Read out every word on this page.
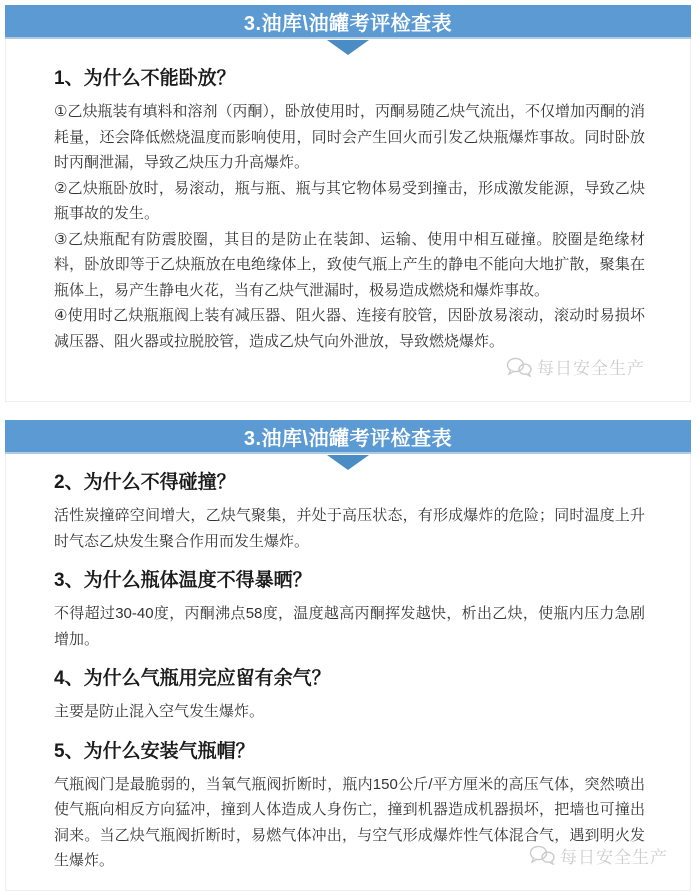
3.油库\油罐考评检查表
1、为什么不能卧放？

①乙炔瓶装有填料和溶剂（丙酮），卧放使用时，丙酮易随乙炔气流出，不仅增加丙酮的消耗量，还会降低燃烧温度而影响使用，同时会产生回火而引发乙炔瓶爆炸事故。同时卧放时丙酮泄漏，导致乙炔压力升高爆炸。

②乙炔瓶卧放时，易滚动，瓶与瓶、瓶与其它物体易受到撞击，形成激发能源，导致乙炔瓶事故的发生。

③乙炔瓶配有防震胶圈，其目的是防止在装卸、运输、使用中相互碰撞。胶圈是绝缘材料，卧放即等于乙炔瓶放在电绝缘体上，致使气瓶上产生的静电不能向大地扩散，聚集在瓶体上，易产生静电火花，当有乙炔气泄漏时，极易造成燃烧和爆炸事故。

④使用时乙炔瓶瓶阀上装有减压器、阻火器、连接有胶管，因卧放易滚动，滚动时易损坏减压器、阻火器或拉脱胶管，造成乙炔气向外泄放，导致燃烧爆炸。

每日安全生产
3.油库\油罐考评检查表
2、为什么不得碰撞？

活性炭撞碎空间增大，乙炔气聚集，并处于高压状态，有形成爆炸的危险；同时温度上升时气态乙炔发生聚合作用而发生爆炸。

3、为什么瓶体温度不得暴晒？

不得超过30-40度，丙酮沸点58度，温度越高丙酮挥发越快，析出乙炔，使瓶内压力急剧增加。

4、为什么气瓶用完应留有余气？

主要是防止混入空气发生爆炸。

5、为什么安装气瓶帽？

气瓶阀门是最脆弱的，当氧气瓶阀折断时，瓶内150公斤/平方厘米的高压气体，突然喷出使气瓶向相反方向猛冲，撞到人体造成人身伤亡，撞到机器造成机器损坏，把墙也可撞出洞来。当乙炔气瓶阀折断时，易燃气体冲出，与空气形成爆炸性气体混合气，遇到明火发生爆炸。	每日安全生产
